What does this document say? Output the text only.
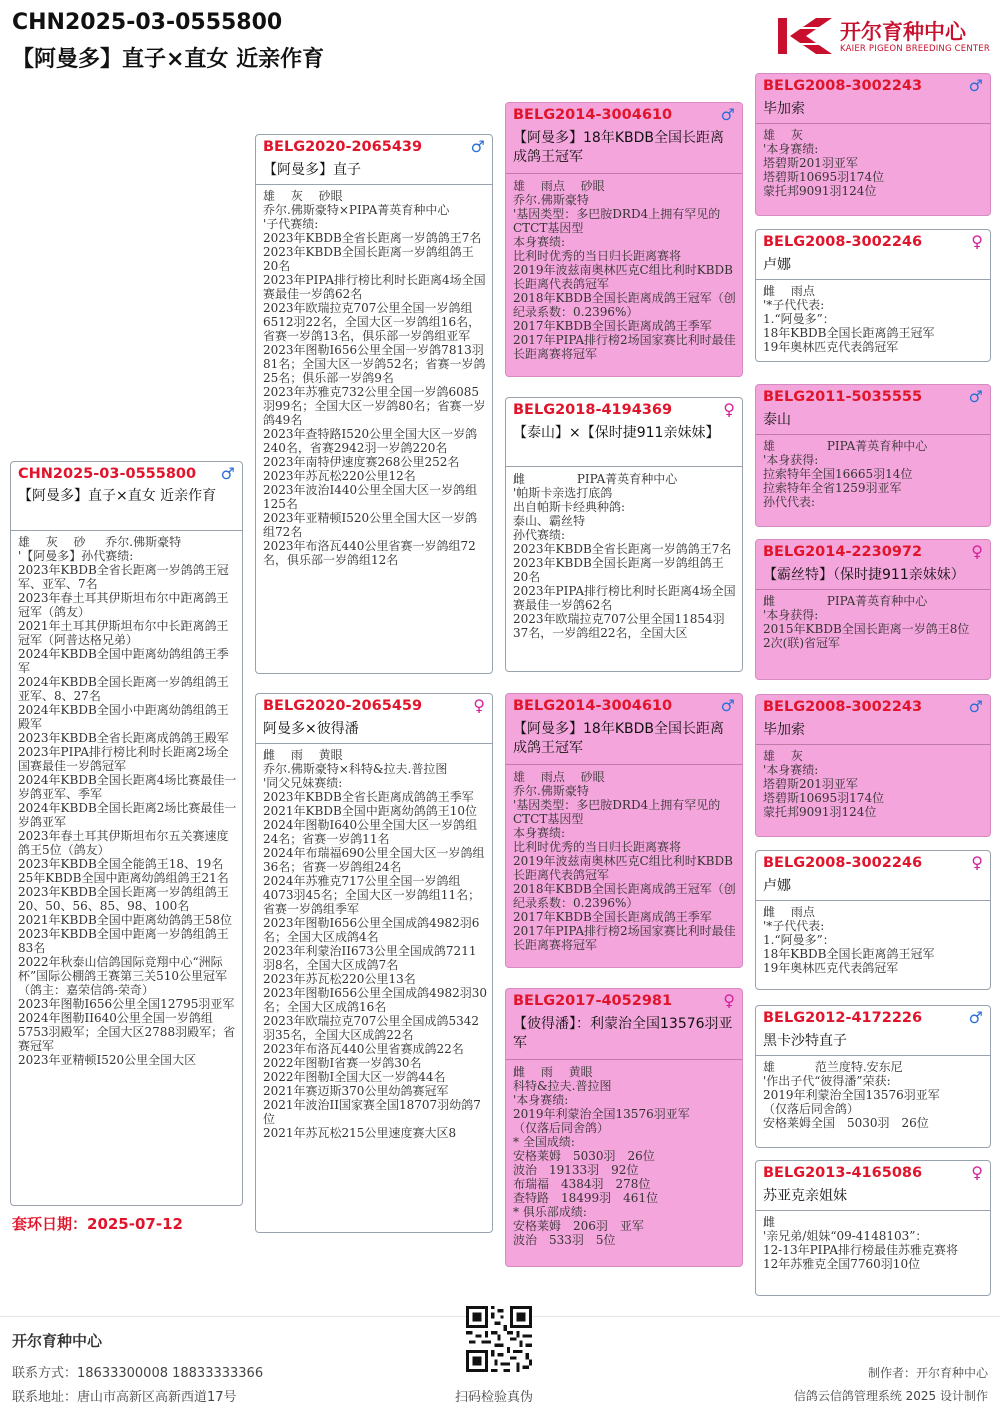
CHN2025-03-0555800
【阿曼多】直子×直女 近亲作育
开尔育种中心
KAIER PIGEON BREEDING CENTER
CHN2025-03-0555800 ♂
【阿曼多】直子×直女 近亲作育
雄　 灰　 砂　  乔尔.佛斯豪特
'【阿曼多】孙代赛绩:
2023年KBDB全省长距离一岁鸽鸽王冠军、亚军、7名
2023年春土耳其伊斯坦布尔中距离鸽王冠军（鸽友）
2021年土耳其伊斯坦布尔中长距离鸽王冠军（阿普达格兄弟）
2024年KBDB全国中距离幼鸽组鸽王季军
2024年KBDB全国长距离一岁鸽组鸽王亚军、8、27名
2024年KBDB全国小中距离幼鸽组鸽王殿军
2023年KBDB全省长距离成鸽鸽王殿军
2023年PIPA排行榜比利时长距离2场全国赛最佳一岁鸽冠军
2024年KBDB全国长距离4场比赛最佳一岁鸽亚军、季军
2024年KBDB全国长距离2场比赛最佳一岁鸽亚军
2023年春土耳其伊斯坦布尔五关赛速度鸽王5位（鸽友）
2023年KBDB全国全能鸽王18、19名
25年KBDB全国中距离幼鸽组鸽王21名
2023年KBDB全国长距离一岁鸽组鸽王20、50、56、85、98、100名
2021年KBDB全国中距离幼鸽鸽王58位
2023年KBDB全国中距离一岁鸽组鸽王83名
2022年秋泰山信鸽国际竞翔中心“洲际杯”国际公棚鸽王赛第三关510公里冠军（鸽主：嘉荣信鸽-荣奇）
2023年图勒I656公里全国12795羽亚军
2024年图勒II640公里全国一岁鸽组5753羽殿军；全国大区2788羽殿军；省赛冠军
2023年亚精顿I520公里全国大区
BELG2020-2065439	♂
【阿曼多】直子
雄　 灰　 砂眼
乔尔.佛斯豪特×PIPA菁英育种中心
'子代赛绩:
2023年KBDB全省长距离一岁鸽鸽王7名
2023年KBDB全国长距离一岁鸽组鸽王20名
2023年PIPA排行榜比利时长距离4场全国赛最佳一岁鸽62名
2023年欧瑞拉克707公里全国一岁鸽组6512羽22名，全国大区一岁鸽组16名，省赛一岁鸽13名，俱乐部一岁鸽组亚军
2023年图勒I656公里全国一岁鸽7813羽81名；全国大区一岁鸽52名；省赛一岁鸽25名；俱乐部一岁鸽9名
2023年苏雅克732公里全国一岁鸽6085羽99名；全国大区一岁鸽80名；省赛一岁鸽49名
2023年查特路I520公里全国大区一岁鸽240名，省赛2942羽一岁鸽220名
2023年南特伊速度赛268公里252名
2023年苏瓦松220公里12名
2023年波治I440公里全国大区一岁鸽组125名
2023年亚精顿I520公里全国大区一岁鸽组72名
2023年布洛瓦440公里省赛一岁鸽组72名，俱乐部一岁鸽组12名
BELG2020-2065459	♀
阿曼多×彼得潘
雌　 雨　 黄眼
乔尔.佛斯豪特×科特&拉夫.普拉图
'同父兄妹赛绩:
2023年KBDB全省长距离成鸽鸽王季军
2021年KBDB全国中距离幼鸽鸽王10位
2024年图勒I640公里全国大区一岁鸽组24名；省赛一岁鸽11名
2024年布瑞福690公里全国大区一岁鸽组36名；省赛一岁鸽组24名
2024年苏雅克717公里全国一岁鸽组4073羽45名；全国大区一岁鸽组11名；省赛一岁鸽组季军
2023年图勒I656公里全国成鸽4982羽6名；全国大区成鸽4名
2023年利蒙治II673公里全国成鸽7211羽8名，全国大区成鸽7名
2023年苏瓦松220公里13名
2023年图勒I656公里全国成鸽4982羽30名；全国大区成鸽16名
2023年欧瑞拉克707公里全国成鸽5342羽35名，全国大区成鸽22名
2023年布洛瓦440公里省赛成鸽22名
2022年图勒I省赛一岁鸽30名
2022年图勒I全国大区一岁鸽44名
2021年赛迈斯370公里幼鸽赛冠军
2021年波治II国家赛全国18707羽幼鸽7位
2021年苏瓦松215公里速度赛大区8
BELG2014-3004610	♂
【阿曼多】18年KBDB全国长距离成鸽王冠军
雄　 雨点　 砂眼
乔尔.佛斯豪特
'基因类型：多巴胺DRD4上拥有罕见的CTCT基因型
本身赛绩:
比利时优秀的当日归长距离赛将
2019年波兹南奥林匹克C组比利时KBDB长距离代表鸽冠军
2018年KBDB全国长距离成鸽王冠军（创纪录系数：0.2396%）
2017年KBDB全国长距离成鸽王季军
2017年PIPA排行榜2场国家赛比利时最佳长距离赛将冠军
BELG2018-4194369	♀
【泰山】×【保时捷911亲妹妹】
雌　　　　 PIPA菁英育种中心
'帕斯卡亲选打底鸽
出自帕斯卡经典种鸽:
泰山、霸丝特
孙代赛绩:
2023年KBDB全省长距离一岁鸽鸽王7名
2023年KBDB全国长距离一岁鸽组鸽王20名
2023年PIPA排行榜比利时长距离4场全国赛最佳一岁鸽62名
2023年欧瑞拉克707公里全国11854羽37名，一岁鸽组22名，全国大区
BELG2014-3004610	♂
【阿曼多】18年KBDB全国长距离成鸽王冠军
雄　 雨点　 砂眼
乔尔.佛斯豪特
'基因类型：多巴胺DRD4上拥有罕见的CTCT基因型
本身赛绩:
比利时优秀的当日归长距离赛将
2019年波兹南奥林匹克C组比利时KBDB长距离代表鸽冠军
2018年KBDB全国长距离成鸽王冠军（创纪录系数：0.2396%）
2017年KBDB全国长距离成鸽王季军
2017年PIPA排行榜2场国家赛比利时最佳长距离赛将冠军
BELG2017-4052981	♀
【彼得潘】：利蒙治全国13576羽亚军
雌　 雨　 黄眼
科特&拉夫.普拉图
'本身赛绩:
2019年利蒙治全国13576羽亚军
（仅落后同舍鸽）
* 全国成绩:
安格莱姆　5030羽　26位
波治　19133羽　92位
布瑞福　4384羽　278位
查特路　18499羽　461位
* 俱乐部成绩:
安格莱姆　206羽　亚军
波治　533羽　5位
BELG2008-3002243	♂
毕加索
雄　 灰
'本身赛绩:
塔碧斯201羽亚军
塔碧斯10695羽174位
蒙托邦9091羽124位
BELG2008-3002246	♀
卢娜
雌　 雨点
'*子代代表:
1.“阿曼多”：
18年KBDB全国长距离鸽王冠军
19年奥林匹克代表鸽冠军
BELG2011-5035555	♂
泰山
雄　　　　 PIPA菁英育种中心
'本身获得:
拉索特年全国16665羽14位
拉索特年全省1259羽亚军
孙代代表:
BELG2014-2230972	♀
【霸丝特】（保时捷911亲妹妹）
雌　　　　 PIPA菁英育种中心
'本身获得:
2015年KBDB全国长距离一岁鸽王8位
2次(联)省冠军
BELG2008-3002243	♂
毕加索
雄　 灰
'本身赛绩:
塔碧斯201羽亚军
塔碧斯10695羽174位
蒙托邦9091羽124位
BELG2008-3002246	♀
卢娜
雌　 雨点
'*子代代表:
1.“阿曼多”：
18年KBDB全国长距离鸽王冠军
19年奥林匹克代表鸽冠军
BELG2012-4172226	♂
黑卡沙特直子
雄　　　 范兰度特.安东尼
'作出子代“彼得潘”荣获:
2019年利蒙治全国13576羽亚军
（仅落后同舍鸽）
安格莱姆全国　5030羽　26位
BELG2013-4165086	♀
苏亚克亲姐妹
雌
'亲兄弟/姐妹“09-4148103”：
12-13年PIPA排行榜最佳苏雅克赛将
12年苏雅克全国7760羽10位
套环日期：2025-07-12
开尔育种中心
联系方式：18633300008 18833333366
联系地址：唐山市高新区高新西道17号	扫码检验真伪
制作者：开尔育种中心
信鸽云信鸽管理系统 2025 设计制作
